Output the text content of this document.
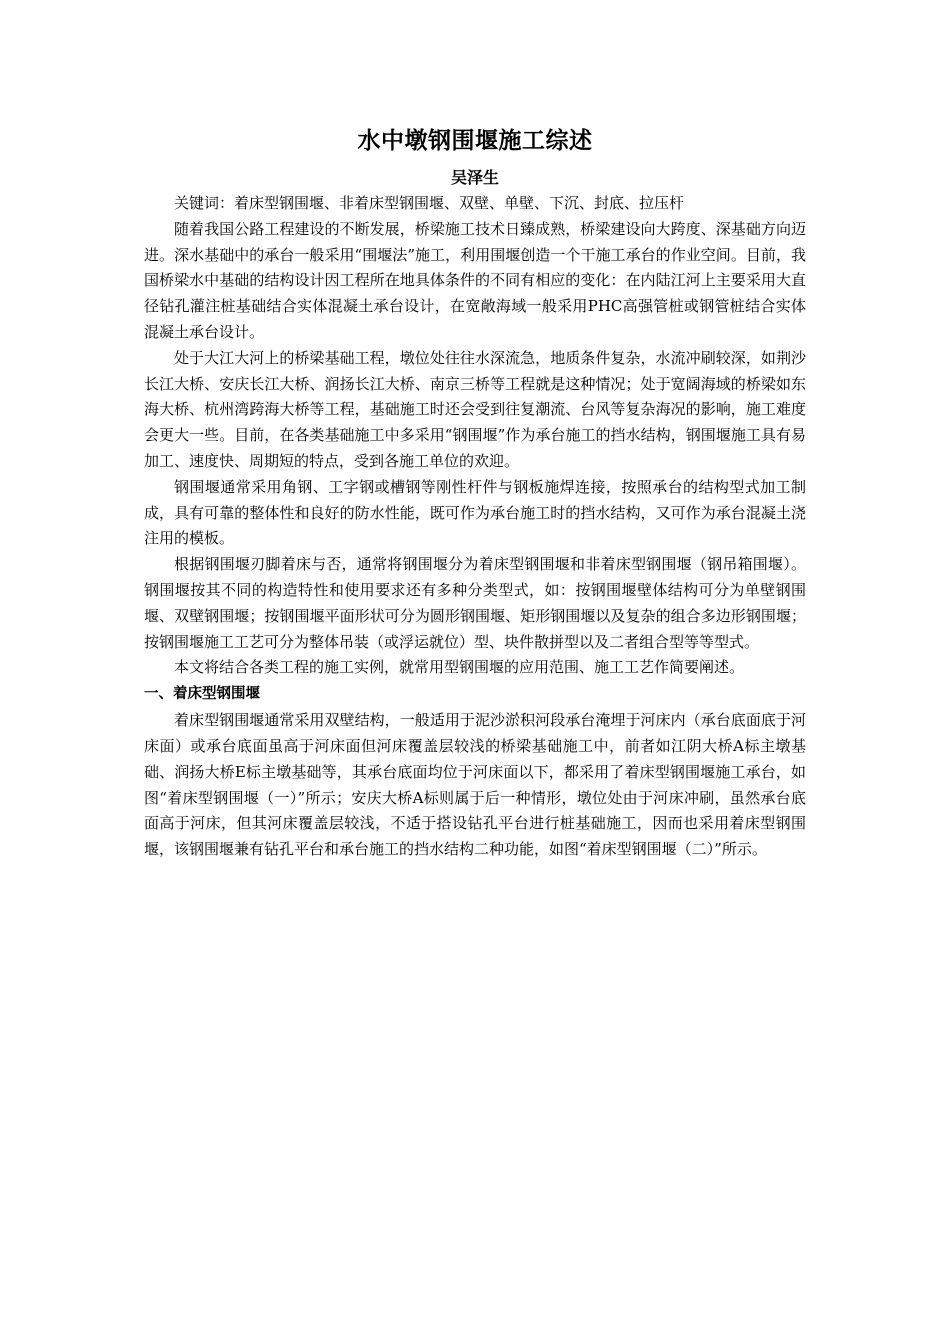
水中墩钢围堰施工综述
吴泽生

关键词：着床型钢围堰、非着床型钢围堰、双壁、单壁、下沉、封底、拉压杆

随着我国公路工程建设的不断发展，桥梁施工技术日臻成熟，桥梁建设向大跨度、深基础方向迈进。深水基础中的承台一般采用“围堰法”施工，利用围堰创造一个干施工承台的作业空间。目前，我国桥梁水中基础的结构设计因工程所在地具体条件的不同有相应的变化：在内陆江河上主要采用大直径钻孔灌注桩基础结合实体混凝土承台设计，在宽敞海域一般采用PHC高强管桩或钢管桩结合实体混凝土承台设计。

处于大江大河上的桥梁基础工程，墩位处往往水深流急，地质条件复杂，水流冲刷较深，如荆沙长江大桥、安庆长江大桥、润扬长江大桥、南京三桥等工程就是这种情况；处于宽阔海域的桥梁如东海大桥、杭州湾跨海大桥等工程，基础施工时还会受到往复潮流、台风等复杂海况的影响，施工难度会更大一些。目前，在各类基础施工中多采用“钢围堰”作为承台施工的挡水结构，钢围堰施工具有易加工、速度快、周期短的特点，受到各施工单位的欢迎。

钢围堰通常采用角钢、工字钢或槽钢等刚性杆件与钢板施焊连接，按照承台的结构型式加工制成，具有可靠的整体性和良好的防水性能，既可作为承台施工时的挡水结构，又可作为承台混凝土浇注用的模板。

根据钢围堰刃脚着床与否，通常将钢围堰分为着床型钢围堰和非着床型钢围堰（钢吊箱围堰）。钢围堰按其不同的构造特性和使用要求还有多种分类型式，如：按钢围堰壁体结构可分为单壁钢围堰、双壁钢围堰；按钢围堰平面形状可分为圆形钢围堰、矩形钢围堰以及复杂的组合多边形钢围堰；按钢围堰施工工艺可分为整体吊装（或浮运就位）型、块件散拼型以及二者组合型等等型式。

本文将结合各类工程的施工实例，就常用型钢围堰的应用范围、施工工艺作简要阐述。

一、着床型钢围堰

着床型钢围堰通常采用双壁结构，一般适用于泥沙淤积河段承台淹埋于河床内（承台底面底于河床面）或承台底面虽高于河床面但河床覆盖层较浅的桥梁基础施工中，前者如江阴大桥A标主墩基础、润扬大桥E标主墩基础等，其承台底面均位于河床面以下，都采用了着床型钢围堰施工承台，如图“着床型钢围堰（一）”所示；安庆大桥A标则属于后一种情形，墩位处由于河床冲刷，虽然承台底面高于河床，但其河床覆盖层较浅，不适于搭设钻孔平台进行桩基础施工，因而也采用着床型钢围堰，该钢围堰兼有钻孔平台和承台施工的挡水结构二种功能，如图“着床型钢围堰（二）”所示。
